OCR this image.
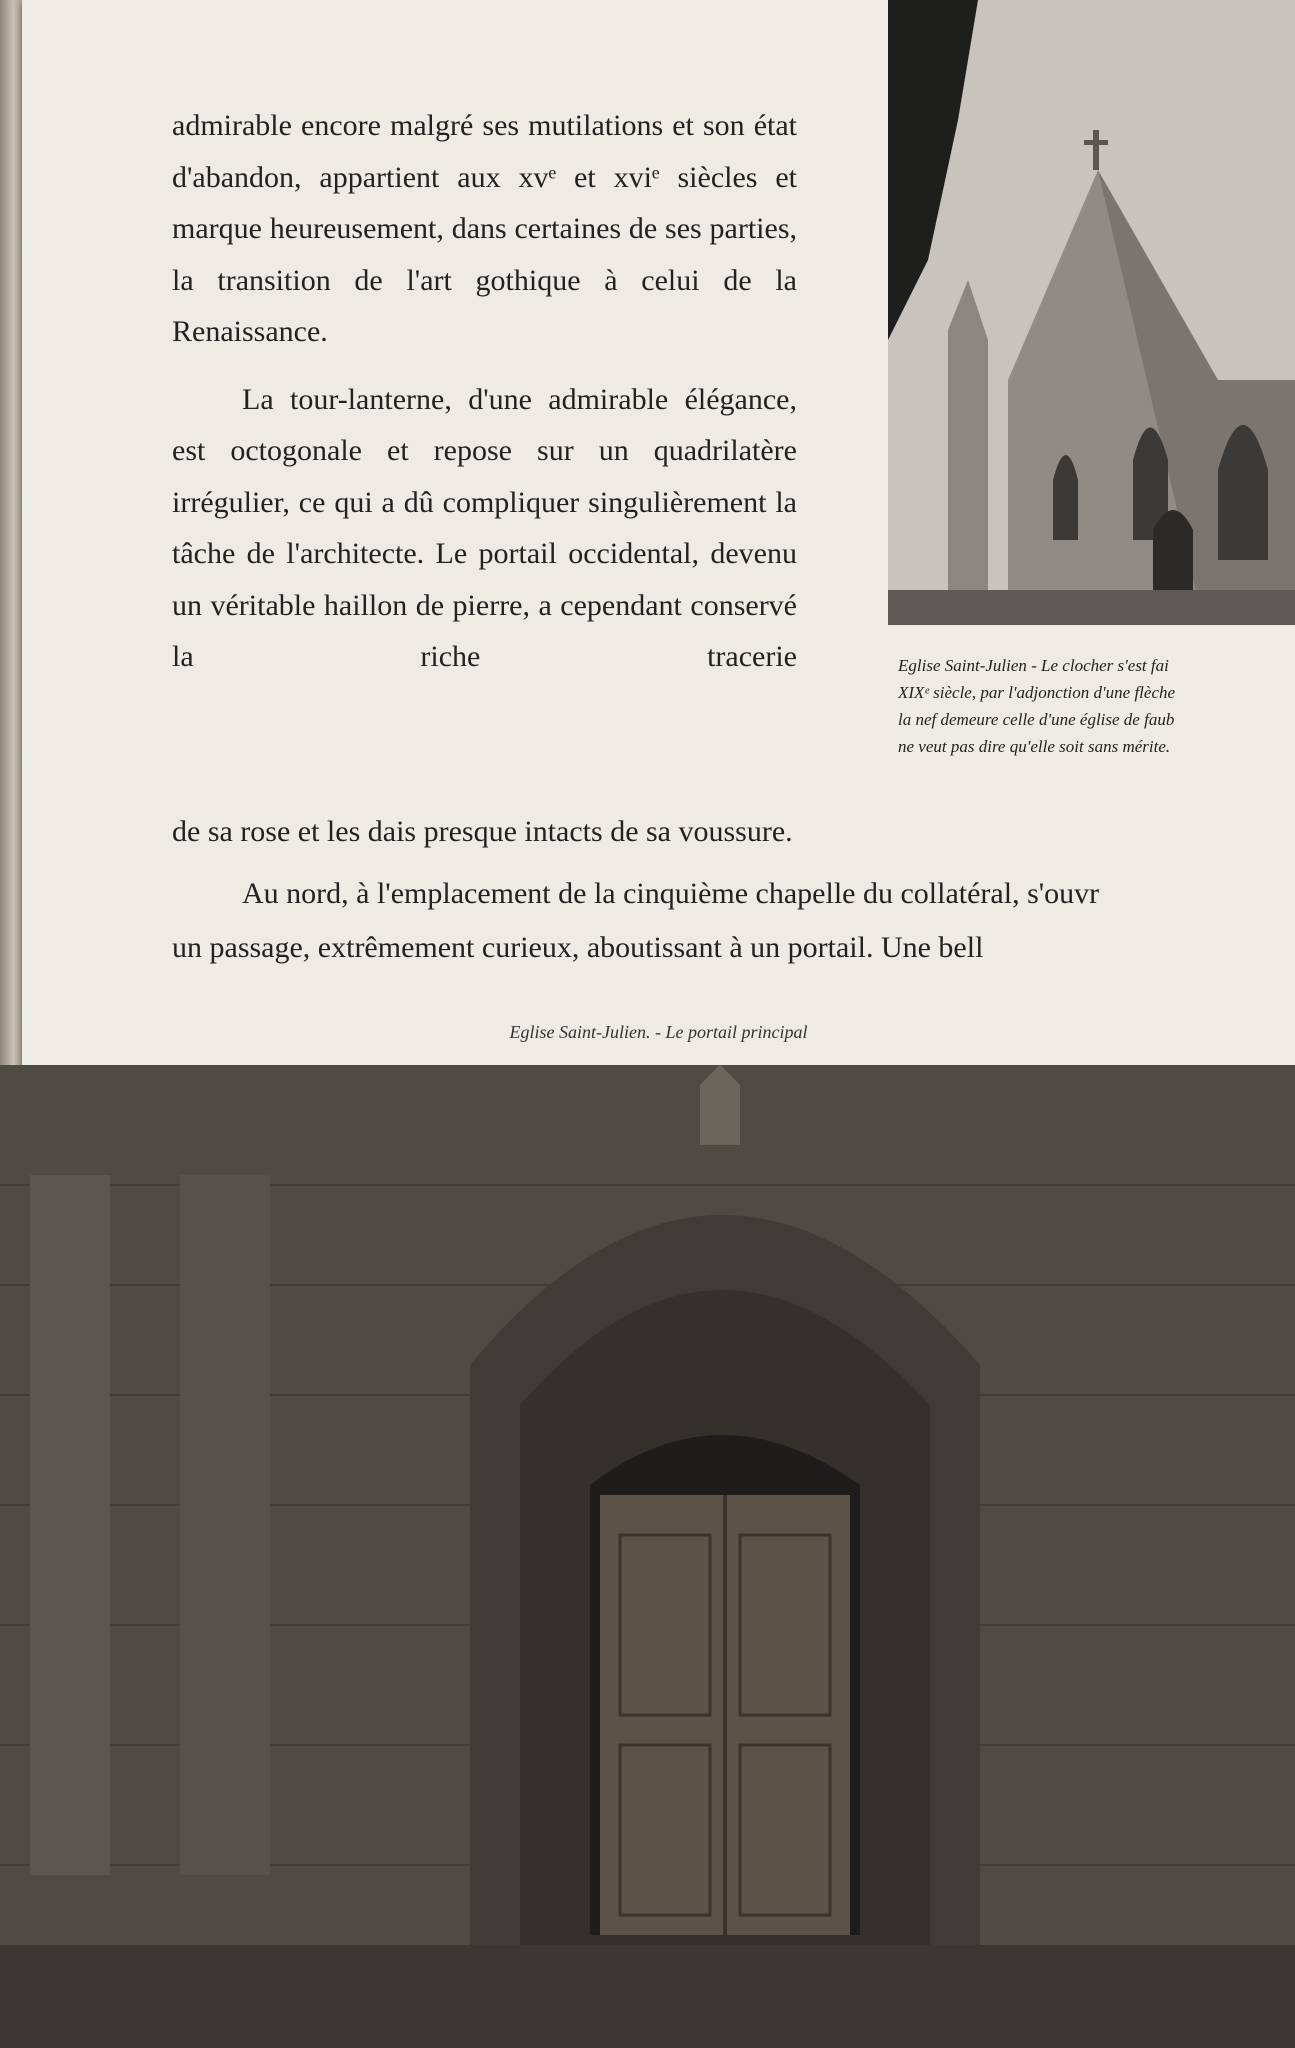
admirable encore malgré ses mutilations et son état d'abandon, appartient aux xvᵉ et xviᵉ siècles et marque heureusement, dans certaines de ses parties, la transition de l'art gothique à celui de la Renaissance.

La tour-lanterne, d'une admirable élégance, est octogonale et repose sur un quadrilatère irrégulier, ce qui a dû compliquer singulièrement la tâche de l'architecte. Le portail occidental, devenu un véritable haillon de pierre, a cependant conservé la riche tracerie

de sa rose et les dais presque intacts de sa voussure.
Au nord, à l'emplacement de la cinquième chapelle du collatéral, s'ouvr
un passage, extrêmement curieux, aboutissant à un portail. Une bell
Eglise Saint-Julien. - Le portail principal
Eglise Saint-Julien - Le clocher s'est fai
XIXᵉ siècle, par l'adjonction d'une flèche
la nef demeure celle d'une église de faub
ne veut pas dire qu'elle soit sans mérite.
